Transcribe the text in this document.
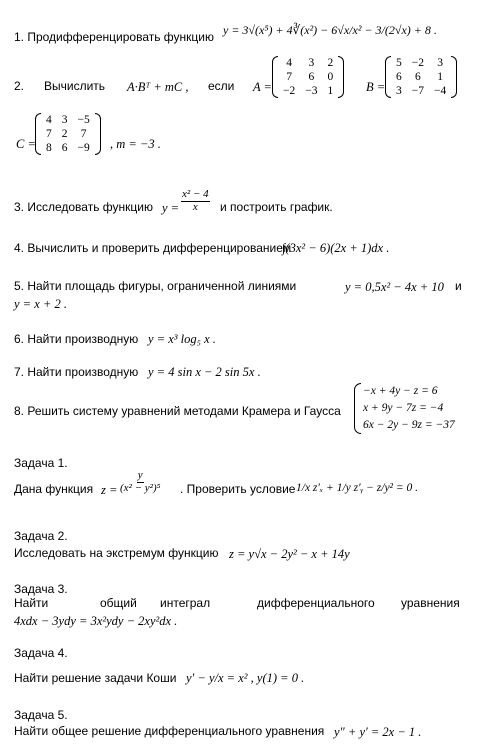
1. Продифференцировать функцию y = 3√(x⁵) + 4∛(x²) − 6√x/x² − 3/(2√x) + 8 .
2. Вычислить A·Bᵀ + mC , если A =
4	3	2
7	6	0
−2	−3	1	B =
5	−2	3
6	6	1
3	−7	−4
C =
4	3	−5
7	2	7
8	6	−9 , m = −3 .
3. Исследовать функцию $y = \frac{\text{x² − 4}}{x}$ и построить график.
4. Вычислить и проверить дифференцированием
∫(3x² − 6)(2x + 1)dx .
5. Найти площадь фигуры, ограниченной линиями	y = 0,5x² − 4x + 10 и
y = x + 2 .
6. Найти производную y = x³ log₅ x .
7. Найти производную y = 4 sin x − 2 sin 5x .
8. Решить систему уравнений методами Крамера и Гаусса
−x + 4y − z = 6
x + 9y − 7z = −4
6x − 2y − 9z = −37
Задача 1.
Дана функция $z = \frac{y}{\text{(x² − y²)⁵}}$ . Проверить условие 1/x z′ₓ + 1/y z′ᵧ − z/y² = 0 .
Задача 2.
Исследовать на экстремум функцию z = y√x − 2y² − x + 14y
Задача 3.
Найти	общий интеграл	дифференциального уравнения
4xdx − 3ydy = 3x²ydy − 2xy²dx .
Задача 4.
Найти решение задачи Коши y′ − y/x = x² , y(1) = 0 .
Задача 5.
Найти общее решение дифференциального уравнения y″ + y′ = 2x − 1 .
